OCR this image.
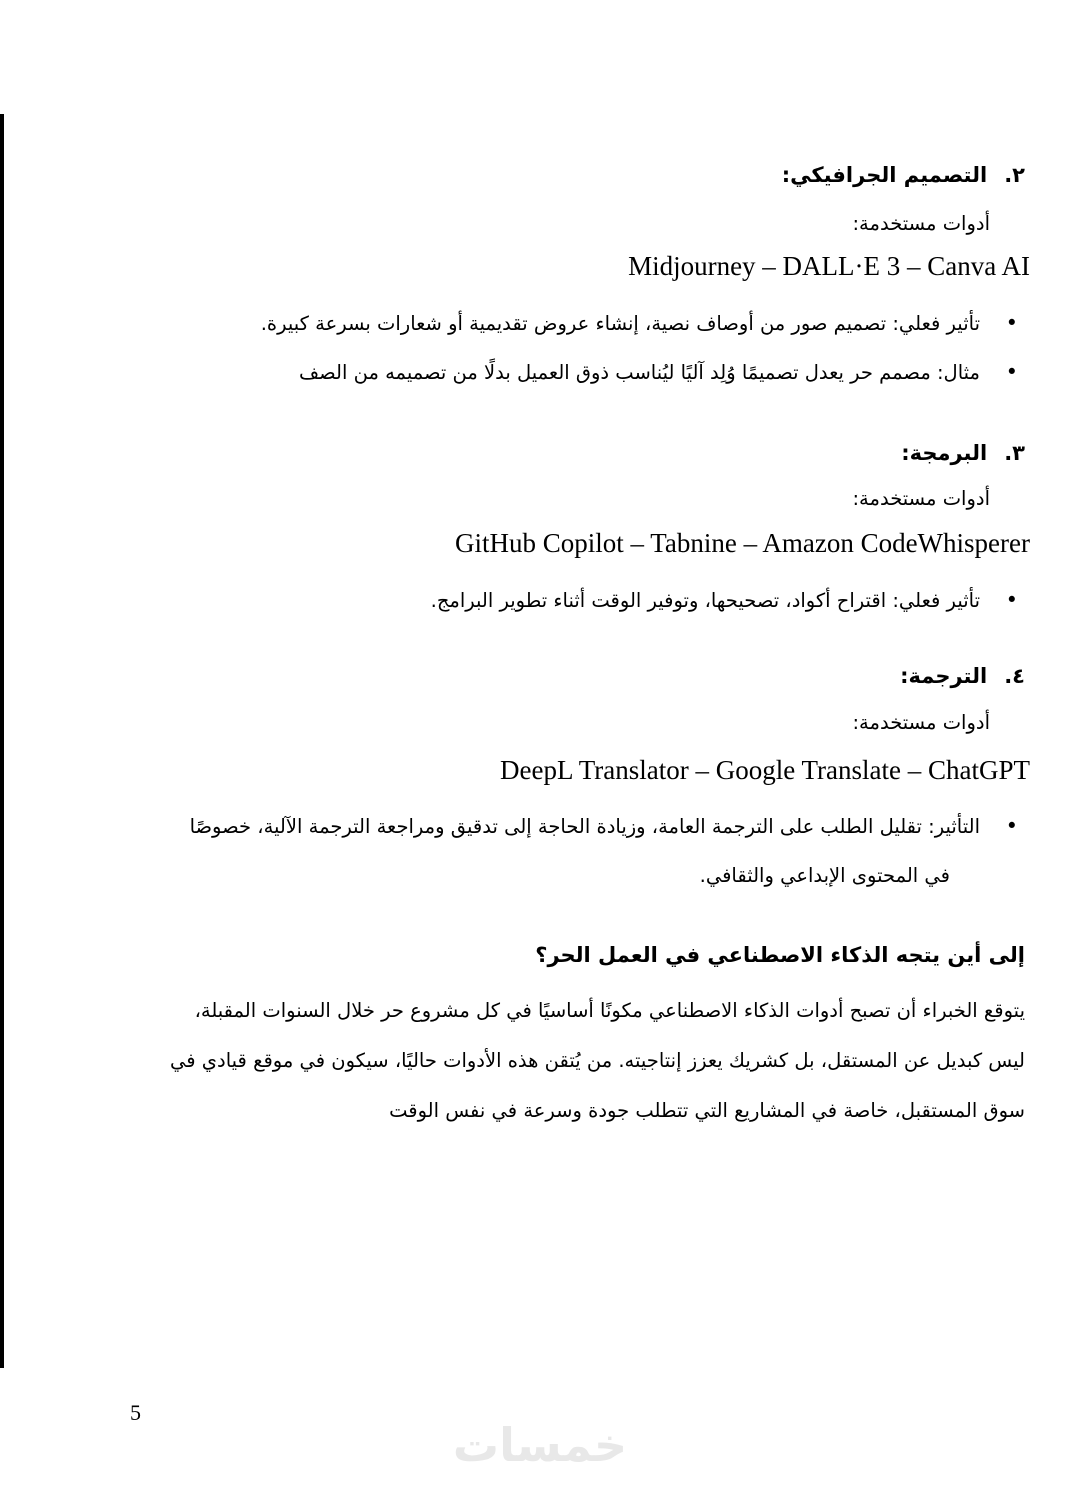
٢.التصميم الجرافيكي:
أدوات مستخدمة:
Midjourney – DALL·E 3 – Canva AI
•
تأثير فعلي: تصميم صور من أوصاف نصية، إنشاء عروض تقديمية أو شعارات بسرعة كبيرة.
•
مثال: مصمم حر يعدل تصميمًا وُلِد آليًا ليُناسب ذوق العميل بدلًا من تصميمه من الصف
٣.البرمجة:
أدوات مستخدمة:
GitHub Copilot – Tabnine – Amazon CodeWhisperer
•
تأثير فعلي: اقتراح أكواد، تصحيحها، وتوفير الوقت أثناء تطوير البرامج.
٤.الترجمة:
أدوات مستخدمة:
DeepL Translator – Google Translate – ChatGPT
•
التأثير: تقليل الطلب على الترجمة العامة، وزيادة الحاجة إلى تدقيق ومراجعة الترجمة الآلية، خصوصًا
في المحتوى الإبداعي والثقافي.
إلى أين يتجه الذكاء الاصطناعي في العمل الحر؟
يتوقع الخبراء أن تصبح أدوات الذكاء الاصطناعي مكونًا أساسيًا في كل مشروع حر خلال السنوات المقبلة،
ليس كبديل عن المستقل، بل كشريك يعزز إنتاجيته. من يُتقن هذه الأدوات حاليًا، سيكون في موقع قيادي في
سوق المستقبل، خاصة في المشاريع التي تتطلب جودة وسرعة في نفس الوقت
5
خمسات
